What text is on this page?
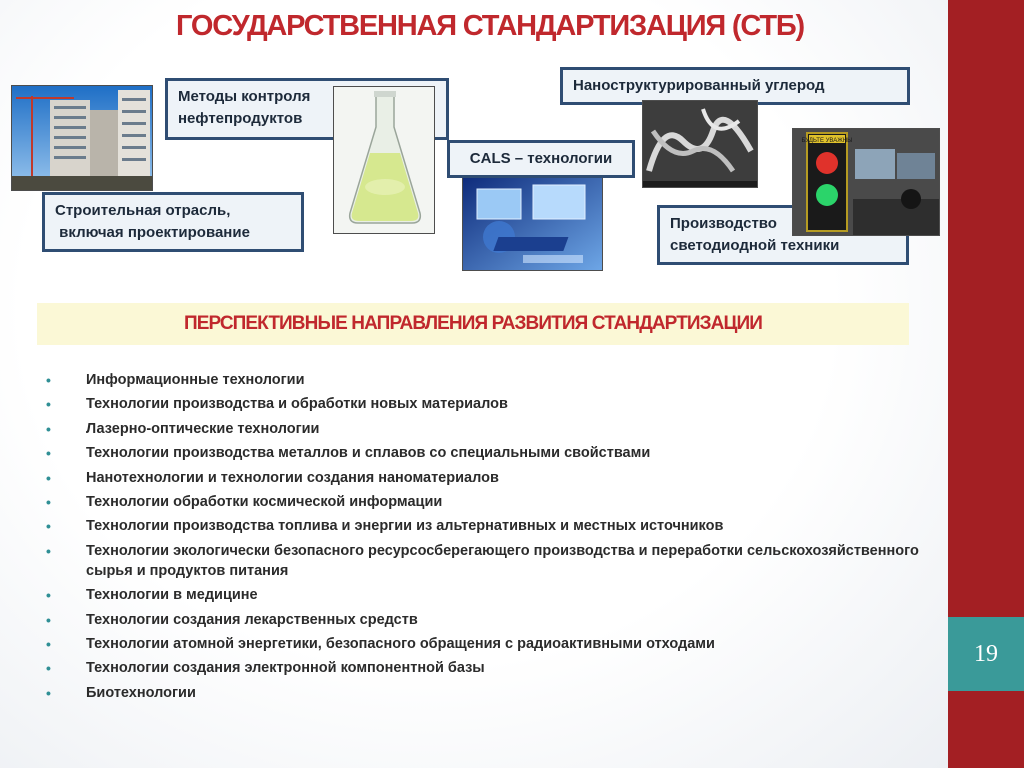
19
ГОСУДАРСТВЕННАЯ СТАНДАРТИЗАЦИЯ (СТБ)
Методы контроля
нефтепродуктов
Строительная отрасль,
включая проектирование
CALS – технологии
Наноструктурированный углерод
Производство
светодиодной техники
БУДЬТЕ УВАЖНЫ
ПЕРСПЕКТИВНЫЕ НАПРАВЛЕНИЯ РАЗВИТИЯ СТАНДАРТИЗАЦИИ
• Информационные технологии
• Технологии производства и обработки новых материалов
• Лазерно-оптические технологии
• Технологии производства металлов и сплавов со специальными свойствами
• Нанотехнологии и технологии создания наноматериалов
• Технологии обработки космической информации
• Технологии производства топлива и энергии из альтернативных и местных источников
• Технологии экологически безопасного ресурсосберегающего производства и переработки сельскохозяйственного сырья и продуктов питания
• Технологии в медицине
• Технологии создания лекарственных средств
• Технологии атомной энергетики, безопасного обращения с радиоактивными отходами
• Технологии создания электронной компонентной базы
• Биотехнологии
